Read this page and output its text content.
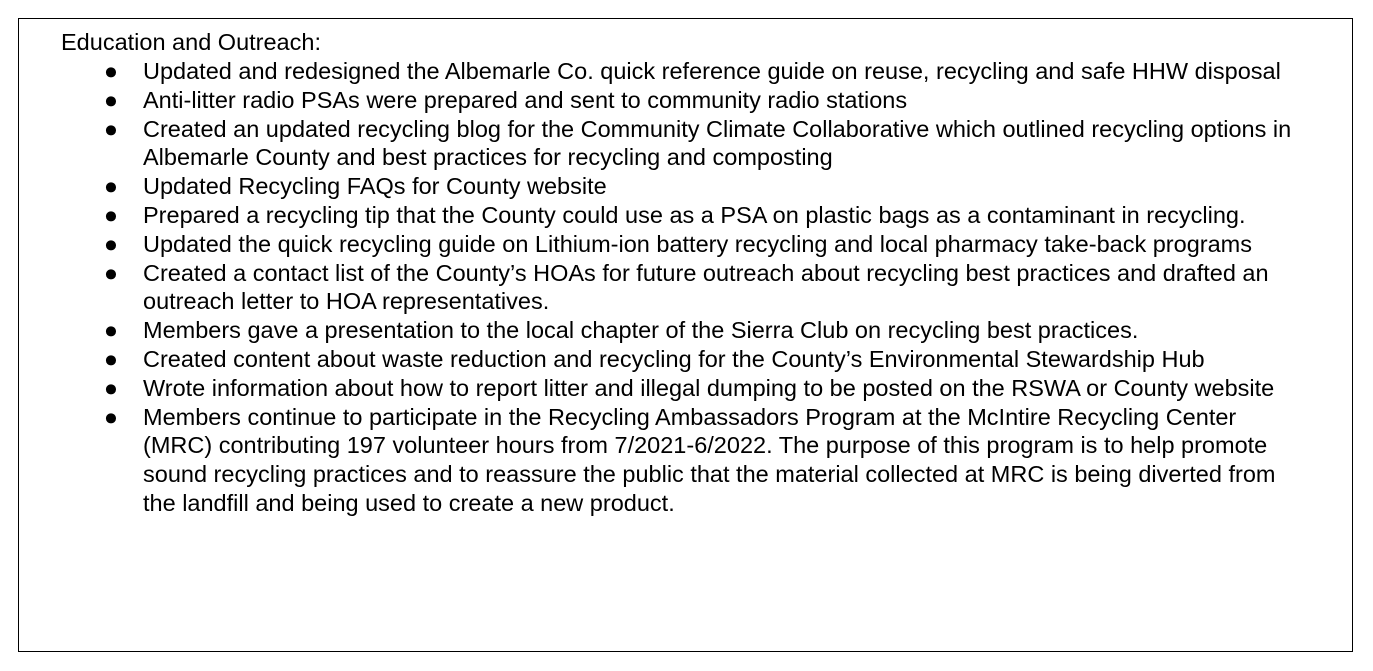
Education and Outreach:
● Updated and redesigned the Albemarle Co. quick reference guide on reuse, recycling and safe HHW disposal
● Anti-litter radio PSAs were prepared and sent to community radio stations
● Created an updated recycling blog for the Community Climate Collaborative which outlined recycling options in Albemarle County and best practices for recycling and composting
● Updated Recycling FAQs for County website
● Prepared a recycling tip that the County could use as a PSA on plastic bags as a contaminant in recycling.
● Updated the quick recycling guide on Lithium-ion battery recycling and local pharmacy take-back programs
● Created a contact list of the County’s HOAs for future outreach about recycling best practices and drafted an outreach letter to HOA representatives.
● Members gave a presentation to the local chapter of the Sierra Club on recycling best practices.
● Created content about waste reduction and recycling for the County’s Environmental Stewardship Hub
● Wrote information about how to report litter and illegal dumping to be posted on the RSWA or County website
● Members continue to participate in the Recycling Ambassadors Program at the McIntire Recycling Center (MRC) contributing 197 volunteer hours from 7/2021-6/2022. The purpose of this program is to help promote sound recycling practices and to reassure the public that the material collected at MRC is being diverted from the landfill and being used to create a new product.
